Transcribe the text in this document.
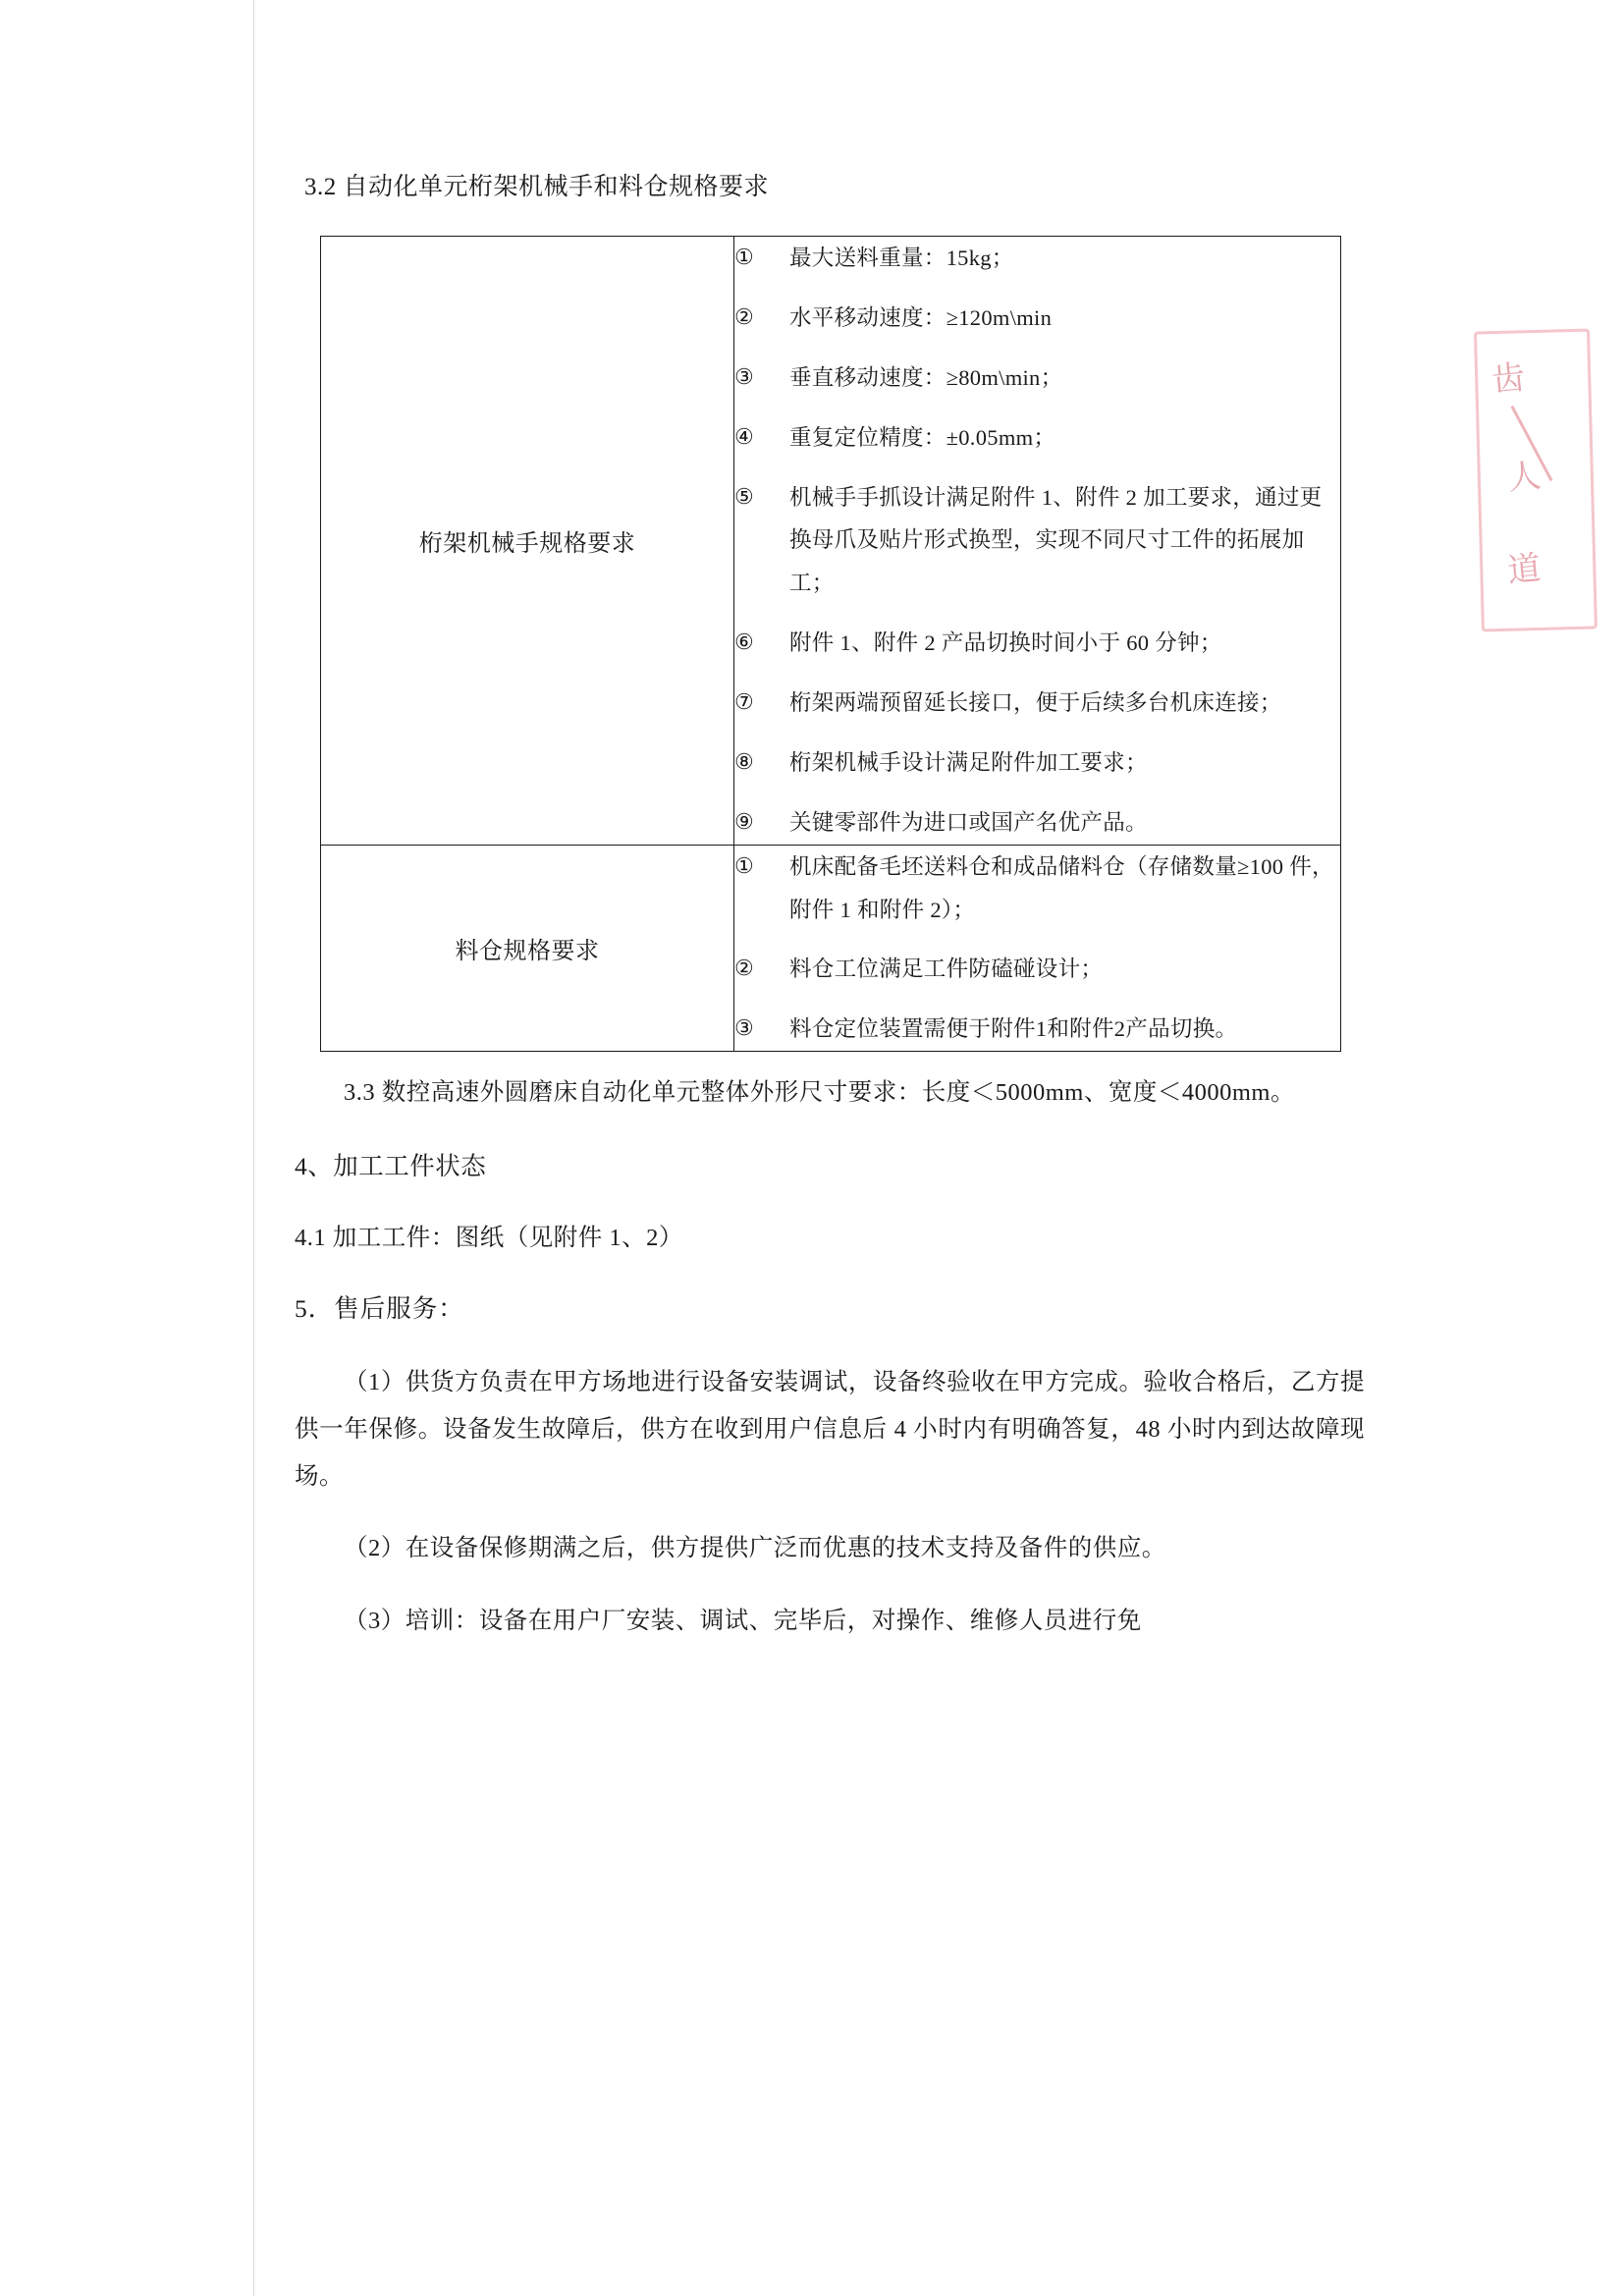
齿
人
道
3.2 自动化单元桁架机械手和料仓规格要求
桁架机械手规格要求	
①	最大送料重量：15kg；
②	水平移动速度：≥120m\min
③	垂直移动速度：≥80m\min；
④	重复定位精度：±0.05mm；
⑤	机械手手抓设计满足附件 1、附件 2 加工要求，通过更换母爪及贴片形式换型，实现不同尺寸工件的拓展加工；
⑥	附件 1、附件 2 产品切换时间小于 60 分钟；
⑦	桁架两端预留延长接口，便于后续多台机床连接；
⑧	桁架机械手设计满足附件加工要求；
⑨	关键零部件为进口或国产名优产品。

料仓规格要求	
①	机床配备毛坯送料仓和成品储料仓（存储数量≥100 件，附件 1 和附件 2）；
②	料仓工位满足工件防磕碰设计；
③	料仓定位装置需便于附件1和附件2产品切换。

3.3 数控高速外圆磨床自动化单元整体外形尺寸要求：长度＜5000mm、宽度＜4000mm。

4、加工工件状态

4.1 加工工件：图纸（见附件 1、2）

5．售后服务：

（1）供货方负责在甲方场地进行设备安装调试，设备终验收在甲方完成。验收合格后，乙方提供一年保修。设备发生故障后，供方在收到用户信息后 4 小时内有明确答复，48 小时内到达故障现场。

（2）在设备保修期满之后，供方提供广泛而优惠的技术支持及备件的供应。

（3）培训：设备在用户厂安装、调试、完毕后，对操作、维修人员进行免
